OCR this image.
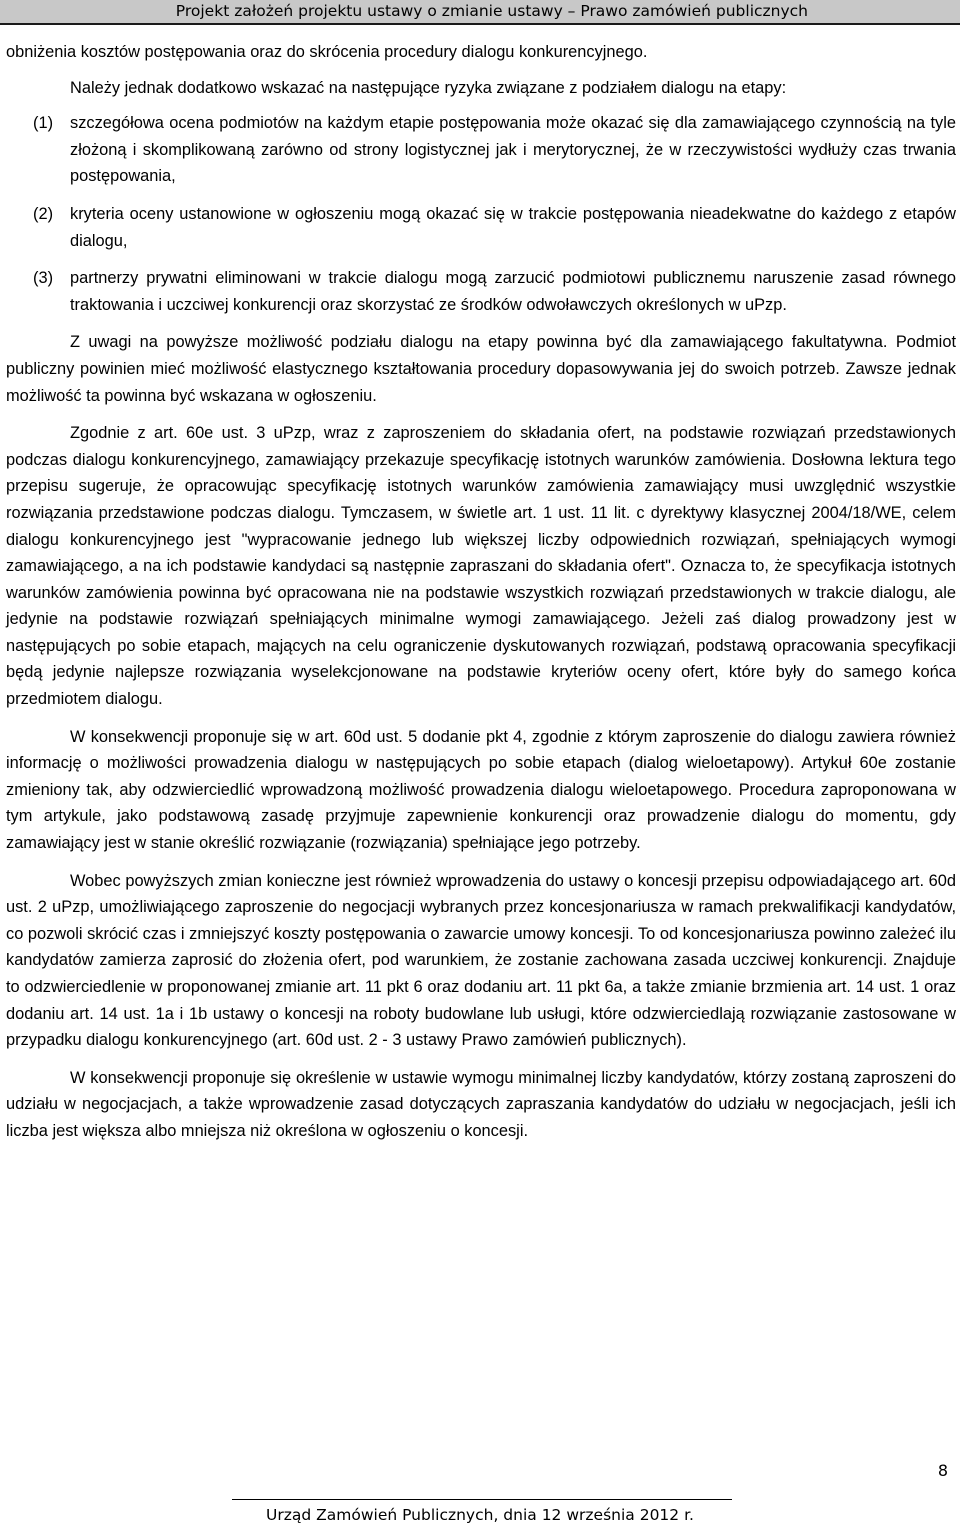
Projekt założeń projektu ustawy o zmianie ustawy – Prawo zamówień publicznych

obniżenia kosztów postępowania oraz do skrócenia procedury dialogu konkurencyjnego.

Należy jednak dodatkowo wskazać na następujące ryzyka związane z podziałem dialogu na etapy:

(1) szczegółowa ocena podmiotów na każdym etapie postępowania może okazać się dla zamawiającego czynnością na tyle złożoną i skomplikowaną zarówno od strony logistycznej jak i merytorycznej, że w rzeczywistości wydłuży czas trwania postępowania,
(2) kryteria oceny ustanowione w ogłoszeniu mogą okazać się w trakcie postępowania nieadekwatne do każdego z etapów dialogu,
(3) partnerzy prywatni eliminowani w trakcie dialogu mogą zarzucić podmiotowi publicznemu naruszenie zasad równego traktowania i uczciwej konkurencji oraz skorzystać ze środków odwoławczych określonych w uPzp.

Z uwagi na powyższe możliwość podziału dialogu na etapy powinna być dla zamawiającego fakultatywna. Podmiot publiczny powinien mieć możliwość elastycznego kształtowania procedury dopasowywania jej do swoich potrzeb. Zawsze jednak możliwość ta powinna być wskazana w ogłoszeniu.

Zgodnie z art. 60e ust. 3 uPzp, wraz z zaproszeniem do składania ofert, na podstawie rozwiązań przedstawionych podczas dialogu konkurencyjnego, zamawiający przekazuje specyfikację istotnych warunków zamówienia. Dosłowna lektura tego przepisu sugeruje, że opracowując specyfikację istotnych warunków zamówienia zamawiający musi uwzględnić wszystkie rozwiązania przedstawione podczas dialogu. Tymczasem, w świetle art. 1 ust. 11 lit. c dyrektywy klasycznej 2004/18/WE, celem dialogu konkurencyjnego jest "wypracowanie jednego lub większej liczby odpowiednich rozwiązań, spełniających wymogi zamawiającego, a na ich podstawie kandydaci są następnie zapraszani do składania ofert". Oznacza to, że specyfikacja istotnych warunków zamówienia powinna być opracowana nie na podstawie wszystkich rozwiązań przedstawionych w trakcie dialogu, ale jedynie na podstawie rozwiązań spełniających minimalne wymogi zamawiającego. Jeżeli zaś dialog prowadzony jest w następujących po sobie etapach, mających na celu ograniczenie dyskutowanych rozwiązań, podstawą opracowania specyfikacji będą jedynie najlepsze rozwiązania wyselekcjonowane na podstawie kryteriów oceny ofert, które były do samego końca przedmiotem dialogu.

W konsekwencji proponuje się w art. 60d ust. 5 dodanie pkt 4, zgodnie z którym zaproszenie do dialogu zawiera również informację o możliwości prowadzenia dialogu w następujących po sobie etapach (dialog wieloetapowy). Artykuł 60e zostanie zmieniony tak, aby odzwierciedlić wprowadzoną możliwość prowadzenia dialogu wieloetapowego. Procedura zaproponowana w tym artykule, jako podstawową zasadę przyjmuje zapewnienie konkurencji oraz prowadzenie dialogu do momentu, gdy zamawiający jest w stanie określić rozwiązanie (rozwiązania) spełniające jego potrzeby.

Wobec powyższych zmian konieczne jest również wprowadzenia do ustawy o koncesji przepisu odpowiadającego art. 60d ust. 2 uPzp, umożliwiającego zaproszenie do negocjacji wybranych przez koncesjonariusza w ramach prekwalifikacji kandydatów, co pozwoli skrócić czas i zmniejszyć koszty postępowania o zawarcie umowy koncesji. To od koncesjonariusza powinno zależeć ilu kandydatów zamierza zaprosić do złożenia ofert, pod warunkiem, że zostanie zachowana zasada uczciwej konkurencji. Znajduje to odzwierciedlenie w proponowanej zmianie art. 11 pkt 6 oraz dodaniu art. 11 pkt 6a, a także zmianie brzmienia art. 14 ust. 1 oraz dodaniu art. 14 ust. 1a i 1b ustawy o koncesji na roboty budowlane lub usługi, które odzwierciedlają rozwiązanie zastosowane w przypadku dialogu konkurencyjnego (art. 60d ust. 2 - 3 ustawy Prawo zamówień publicznych).

W konsekwencji proponuje się określenie w ustawie wymogu minimalnej liczby kandydatów, którzy zostaną zaproszeni do udziału w negocjacjach, a także wprowadzenie zasad dotyczących zapraszania kandydatów do udziału w negocjacjach, jeśli ich liczba jest większa albo mniejsza niż określona w ogłoszeniu o koncesji.

8
Urząd Zamówień Publicznych, dnia 12 września 2012 r.
